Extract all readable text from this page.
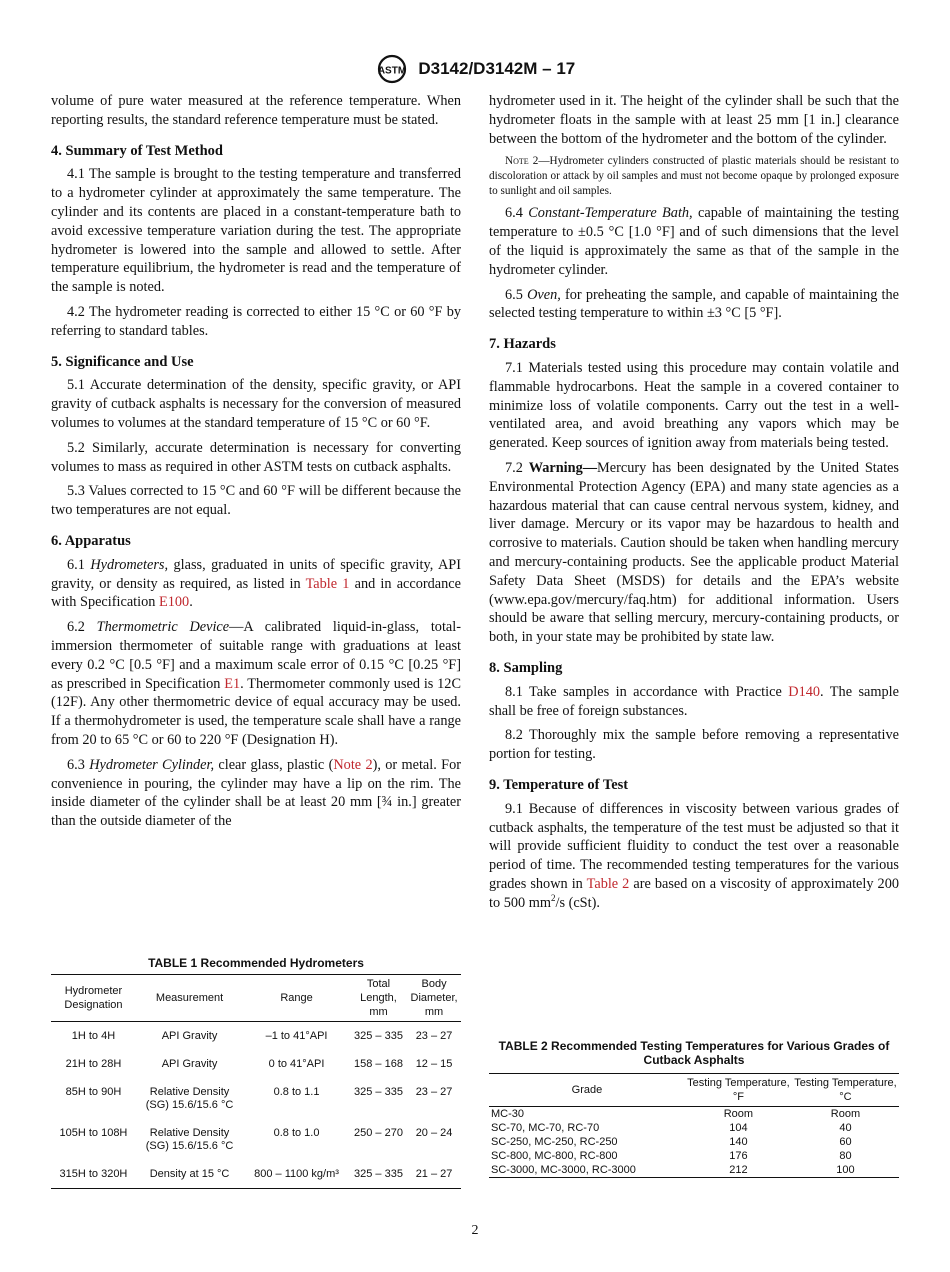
ASTM D3142/D3142M – 17

volume of pure water measured at the reference temperature. When reporting results, the standard reference temperature must be stated.

4. Summary of Test Method

4.1 The sample is brought to the testing temperature and transferred to a hydrometer cylinder at approximately the same temperature. The cylinder and its contents are placed in a constant-temperature bath to avoid excessive temperature variation during the test. The appropriate hydrometer is lowered into the sample and allowed to settle. After temperature equilibrium, the hydrometer is read and the temperature of the sample is noted.

4.2 The hydrometer reading is corrected to either 15 °C or 60 °F by referring to standard tables.

5. Significance and Use

5.1 Accurate determination of the density, specific gravity, or API gravity of cutback asphalts is necessary for the conversion of measured volumes to volumes at the standard temperature of 15 °C or 60 °F.

5.2 Similarly, accurate determination is necessary for converting volumes to mass as required in other ASTM tests on cutback asphalts.

5.3 Values corrected to 15 °C and 60 °F will be different because the two temperatures are not equal.

6. Apparatus

6.1 Hydrometers, glass, graduated in units of specific gravity, API gravity, or density as required, as listed in Table 1 and in accordance with Specification E100.

6.2 Thermometric Device—A calibrated liquid-in-glass, total-immersion thermometer of suitable range with graduations at least every 0.2 °C [0.5 °F] and a maximum scale error of 0.15 °C [0.25 °F] as prescribed in Specification E1. Thermometer commonly used is 12C (12F). Any other thermometric device of equal accuracy may be used. If a thermohydrometer is used, the temperature scale shall have a range from 20 to 65 °C or 60 to 220 °F (Designation H).

6.3 Hydrometer Cylinder, clear glass, plastic (Note 2), or metal. For convenience in pouring, the cylinder may have a lip on the rim. The inside diameter of the cylinder shall be at least 20 mm [¾ in.] greater than the outside diameter of the

hydrometer used in it. The height of the cylinder shall be such that the hydrometer floats in the sample with at least 25 mm [1 in.] clearance between the bottom of the hydrometer and the bottom of the cylinder.

Note 2—Hydrometer cylinders constructed of plastic materials should be resistant to discoloration or attack by oil samples and must not become opaque by prolonged exposure to sunlight and oil samples.

6.4 Constant-Temperature Bath, capable of maintaining the testing temperature to ±0.5 °C [1.0 °F] and of such dimensions that the level of the liquid is approximately the same as that of the sample in the hydrometer cylinder.

6.5 Oven, for preheating the sample, and capable of maintaining the selected testing temperature to within ±3 °C [5 °F].

7. Hazards

7.1 Materials tested using this procedure may contain volatile and flammable hydrocarbons. Heat the sample in a covered container to minimize loss of volatile components. Carry out the test in a well-ventilated area, and avoid breathing any vapors which may be generated. Keep sources of ignition away from materials being tested.

7.2 Warning—Mercury has been designated by the United States Environmental Protection Agency (EPA) and many state agencies as a hazardous material that can cause central nervous system, kidney, and liver damage. Mercury or its vapor may be hazardous to health and corrosive to materials. Caution should be taken when handling mercury and mercury-containing products. See the applicable product Material Safety Data Sheet (MSDS) for details and the EPA’s website (www.epa.gov/mercury/faq.htm) for additional information. Users should be aware that selling mercury, mercury-containing products, or both, in your state may be prohibited by state law.

8. Sampling

8.1 Take samples in accordance with Practice D140. The sample shall be free of foreign substances.

8.2 Thoroughly mix the sample before removing a representative portion for testing.

9. Temperature of Test

9.1 Because of differences in viscosity between various grades of cutback asphalts, the temperature of the test must be adjusted so that it will provide sufficient fluidity to conduct the test over a reasonable period of time. The recommended testing temperatures for the various grades shown in Table 2 are based on a viscosity of approximately 200 to 500 $mm^2/s$ (cSt).

TABLE 1 Recommended Hydrometers
Hydrometer Designation	Measurement	Range	Total Length, mm	Body Diameter, mm
1H to 4H	API Gravity	–1 to 41°API	325 – 335	23 – 27
21H to 28H	API Gravity	0 to 41°API	158 – 168	12 – 15
85H to 90H	Relative Density (SG) 15.6/15.6 °C	0.8 to 1.1	325 – 335	23 – 27
105H to 108H	Relative Density (SG) 15.6/15.6 °C	0.8 to 1.0	250 – 270	20 – 24
315H to 320H	Density at 15 °C	800 – 1100 kg/m³	325 – 335	21 – 27
TABLE 2 Recommended Testing Temperatures for Various Grades of Cutback Asphalts
Grade	Testing Temperature, °F	Testing Temperature, °C
MC-30	Room	Room
SC-70, MC-70, RC-70	104	40
SC-250, MC-250, RC-250	140	60
SC-800, MC-800, RC-800	176	80
SC-3000, MC-3000, RC-3000	212	100
2
